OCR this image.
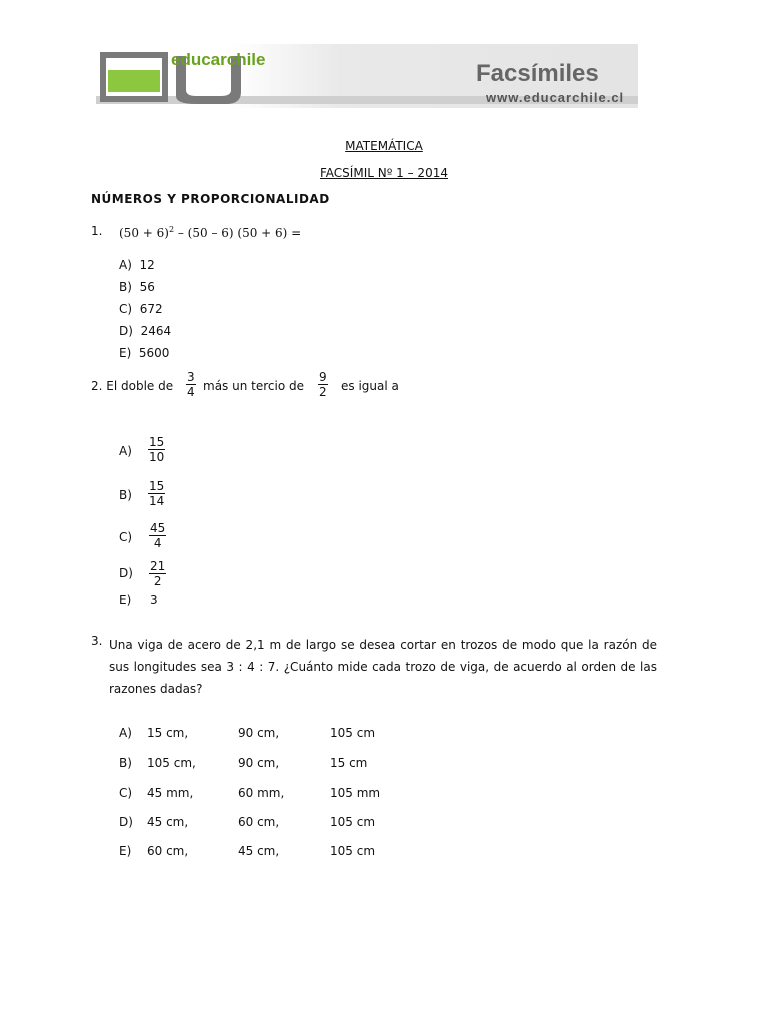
educarchile
Facsímiles
www.educarchile.cl
MATEMÁTICA
FACSÍMIL Nº 1 – 2014
NÚMEROS Y PROPORCIONALIDAD
1. $(50 + 6)^2 - (50 - 6)$ (50 + 6) =
A) 12
B) 56
C) 672
D) 2464
E) 5600
2. El doble de
3
4 más un tercio de
9
2 es igual a
A)
15
10
B)
15
14
C)
45
4
D) 21
2
E) 3
3. Una viga de acero de 2,1 m de largo se desea cortar en trozos de modo que la razón de sus longitudes sea 3 : 4 : 7. ¿Cuánto mide cada trozo de viga, de acuerdo al orden de las razones dadas?
A) 15 cm,	90 cm,	105 cm
B) 105 cm,	90 cm,	15 cm
C) 45 mm,	60 mm,	105 mm
D) 45 cm,	60 cm,	105 cm
E) 60 cm,	45 cm,	105 cm
